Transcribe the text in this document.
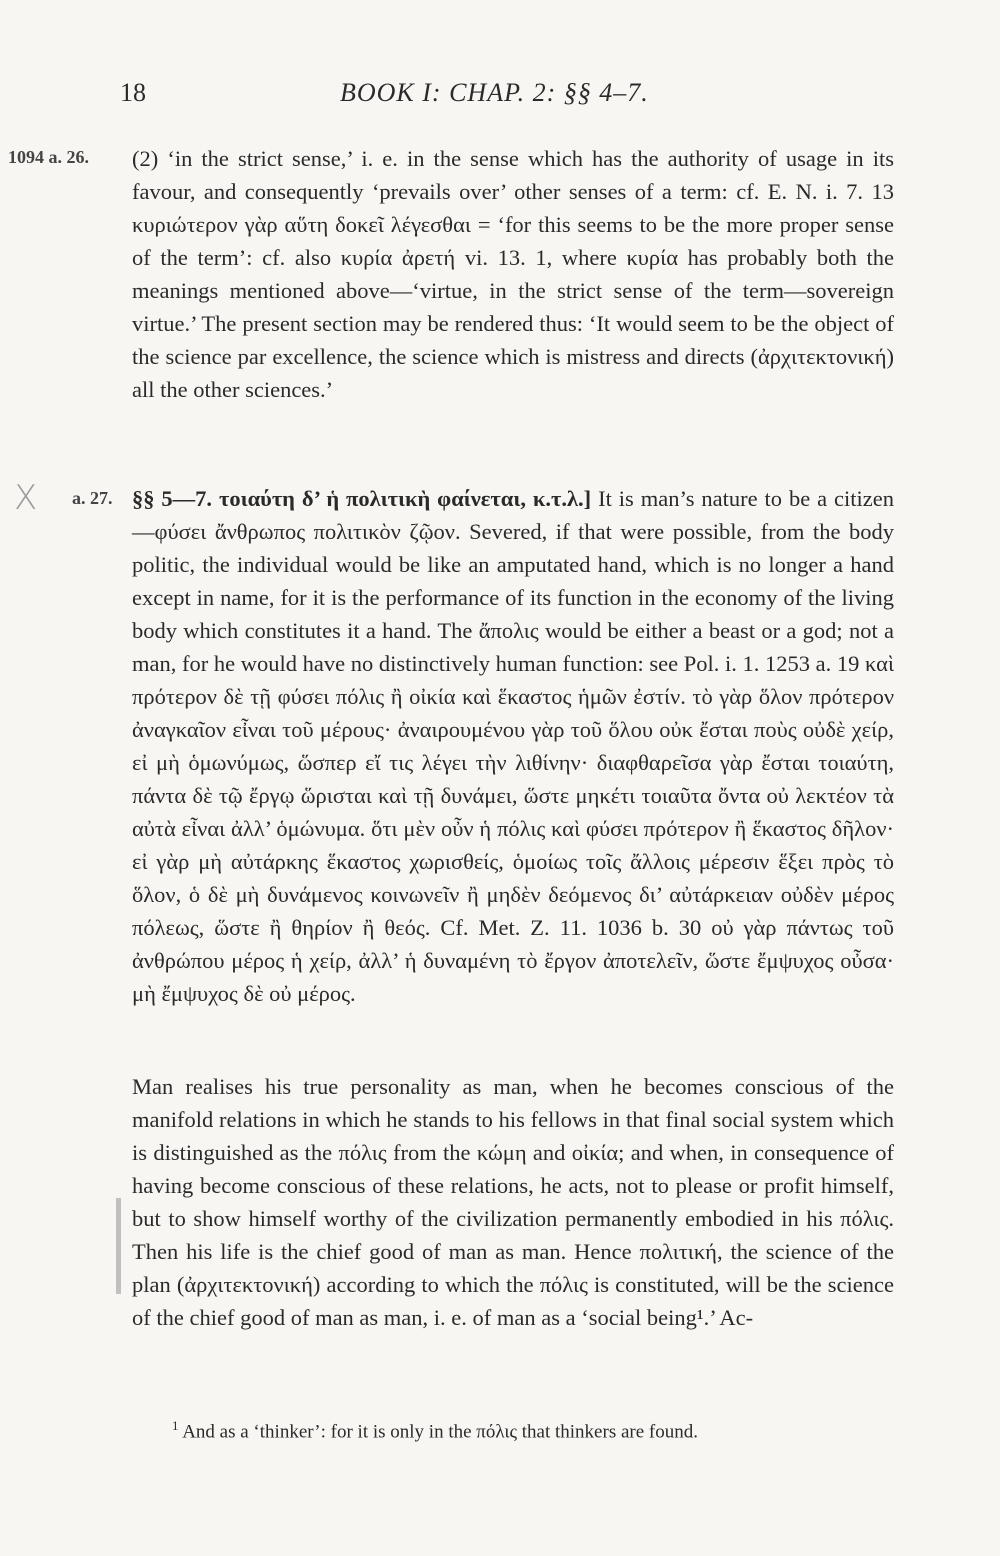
18	BOOK I: CHAP. 2: §§ 4–7.
1094 a. 26.
a. 27.
X

(2) ‘in the strict sense,’ i. e. in the sense which has the authority of usage in its favour, and consequently ‘prevails over’ other senses of a term: cf. E. N. i. 7. 13 κυριώτερον γὰρ αὕτη δοκεῖ λέγεσθαι = ‘for this seems to be the more proper sense of the term’: cf. also κυρία ἀρετή vi. 13. 1, where κυρία has probably both the meanings mentioned above—‘virtue, in the strict sense of the term—sovereign virtue.’ The present section may be rendered thus: ‘It would seem to be the object of the science par excellence, the science which is mistress and directs (ἀρχιτεκτονική) all the other sciences.’

§§ 5—7. τοιαύτη δ’ ἡ πολιτικὴ φαίνεται, κ.τ.λ.] It is man’s nature to be a citizen—φύσει ἄνθρωπος πολιτικὸν ζῷον. Severed, if that were possible, from the body politic, the individual would be like an amputated hand, which is no longer a hand except in name, for it is the performance of its function in the economy of the living body which constitutes it a hand. The ἄπολις would be either a beast or a god; not a man, for he would have no distinctively human function: see Pol. i. 1. 1253 a. 19 καὶ πρότερον δὲ τῇ φύσει πόλις ἢ οἰκία καὶ ἕκαστος ἡμῶν ἐστίν. τὸ γὰρ ὅλον πρότερον ἀναγκαῖον εἶναι τοῦ μέρους· ἀναιρουμένου γὰρ τοῦ ὅλου οὐκ ἔσται ποὺς οὐδὲ χείρ, εἰ μὴ ὁμωνύμως, ὥσπερ εἴ τις λέγει τὴν λιθίνην· διαφθαρεῖσα γὰρ ἔσται τοιαύτη, πάντα δὲ τῷ ἔργῳ ὥρισται καὶ τῇ δυνάμει, ὥστε μηκέτι τοιαῦτα ὄντα οὐ λεκτέον τὰ αὐτὰ εἶναι ἀλλ’ ὁμώνυμα. ὅτι μὲν οὖν ἡ πόλις καὶ φύσει πρότερον ἢ ἕκαστος δῆλον· εἰ γὰρ μὴ αὐτάρκης ἕκαστος χωρισθείς, ὁμοίως τοῖς ἄλλοις μέρεσιν ἕξει πρὸς τὸ ὅλον, ὁ δὲ μὴ δυνάμενος κοινωνεῖν ἢ μηδὲν δεόμενος δι’ αὐτάρκειαν οὐδὲν μέρος πόλεως, ὥστε ἢ θηρίον ἢ θεός. Cf. Met. Z. 11. 1036 b. 30 οὐ γὰρ πάντως τοῦ ἀνθρώπου μέρος ἡ χείρ, ἀλλ’ ἡ δυναμένη τὸ ἔργον ἀποτελεῖν, ὥστε ἔμψυχος οὖσα· μὴ ἔμψυχος δὲ οὐ μέρος.

Man realises his true personality as man, when he becomes conscious of the manifold relations in which he stands to his fellows in that final social system which is distinguished as the πόλις from the κώμη and οἰκία; and when, in consequence of having become conscious of these relations, he acts, not to please or profit himself, but to show himself worthy of the civilization permanently embodied in his πόλις. Then his life is the chief good of man as man. Hence πολιτική, the science of the plan (ἀρχιτεκτονική) according to which the πόλις is constituted, will be the science of the chief good of man as man, i. e. of man as a ‘social being¹.’ Ac-

$^1$ And as a ‘thinker’: for it is only in the πόλις that thinkers are found.
